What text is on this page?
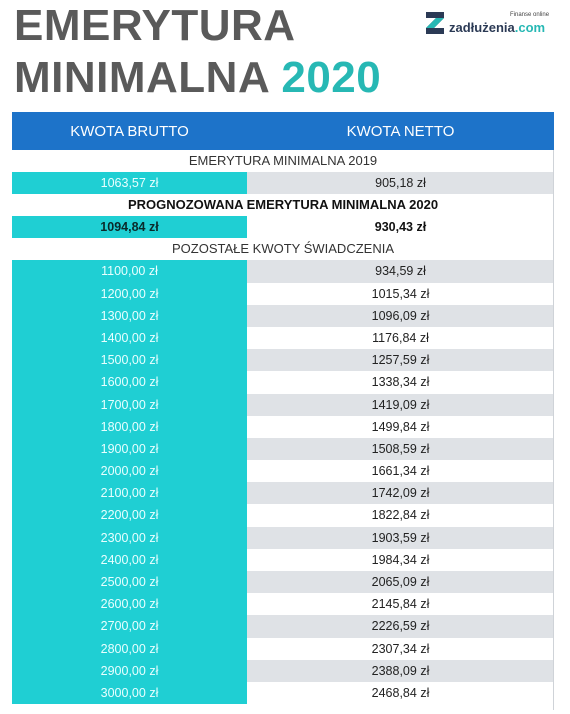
EMERYTURA
MINIMALNA 2020
Finanse online
zadłużenia.com
KWOTA BRUTTO	KWOTA NETTO
EMERYTURA MINIMALNA 2019
1063,57 zł	905,18 zł
PROGNOZOWANA EMERYTURA MINIMALNA 2020
1094,84 zł	930,43 zł
POZOSTAŁE KWOTY ŚWIADCZENIA
1100,00 zł	934,59 zł
1200,00 zł	1015,34 zł
1300,00 zł	1096,09 zł
1400,00 zł	1176,84 zł
1500,00 zł	1257,59 zł
1600,00 zł	1338,34 zł
1700,00 zł	1419,09 zł
1800,00 zł	1499,84 zł
1900,00 zł	1508,59 zł
2000,00 zł	1661,34 zł
2100,00 zł	1742,09 zł
2200,00 zł	1822,84 zł
2300,00 zł	1903,59 zł
2400,00 zł	1984,34 zł
2500,00 zł	2065,09 zł
2600,00 zł	2145,84 zł
2700,00 zł	2226,59 zł
2800,00 zł	2307,34 zł
2900,00 zł	2388,09 zł
3000,00 zł	2468,84 zł
